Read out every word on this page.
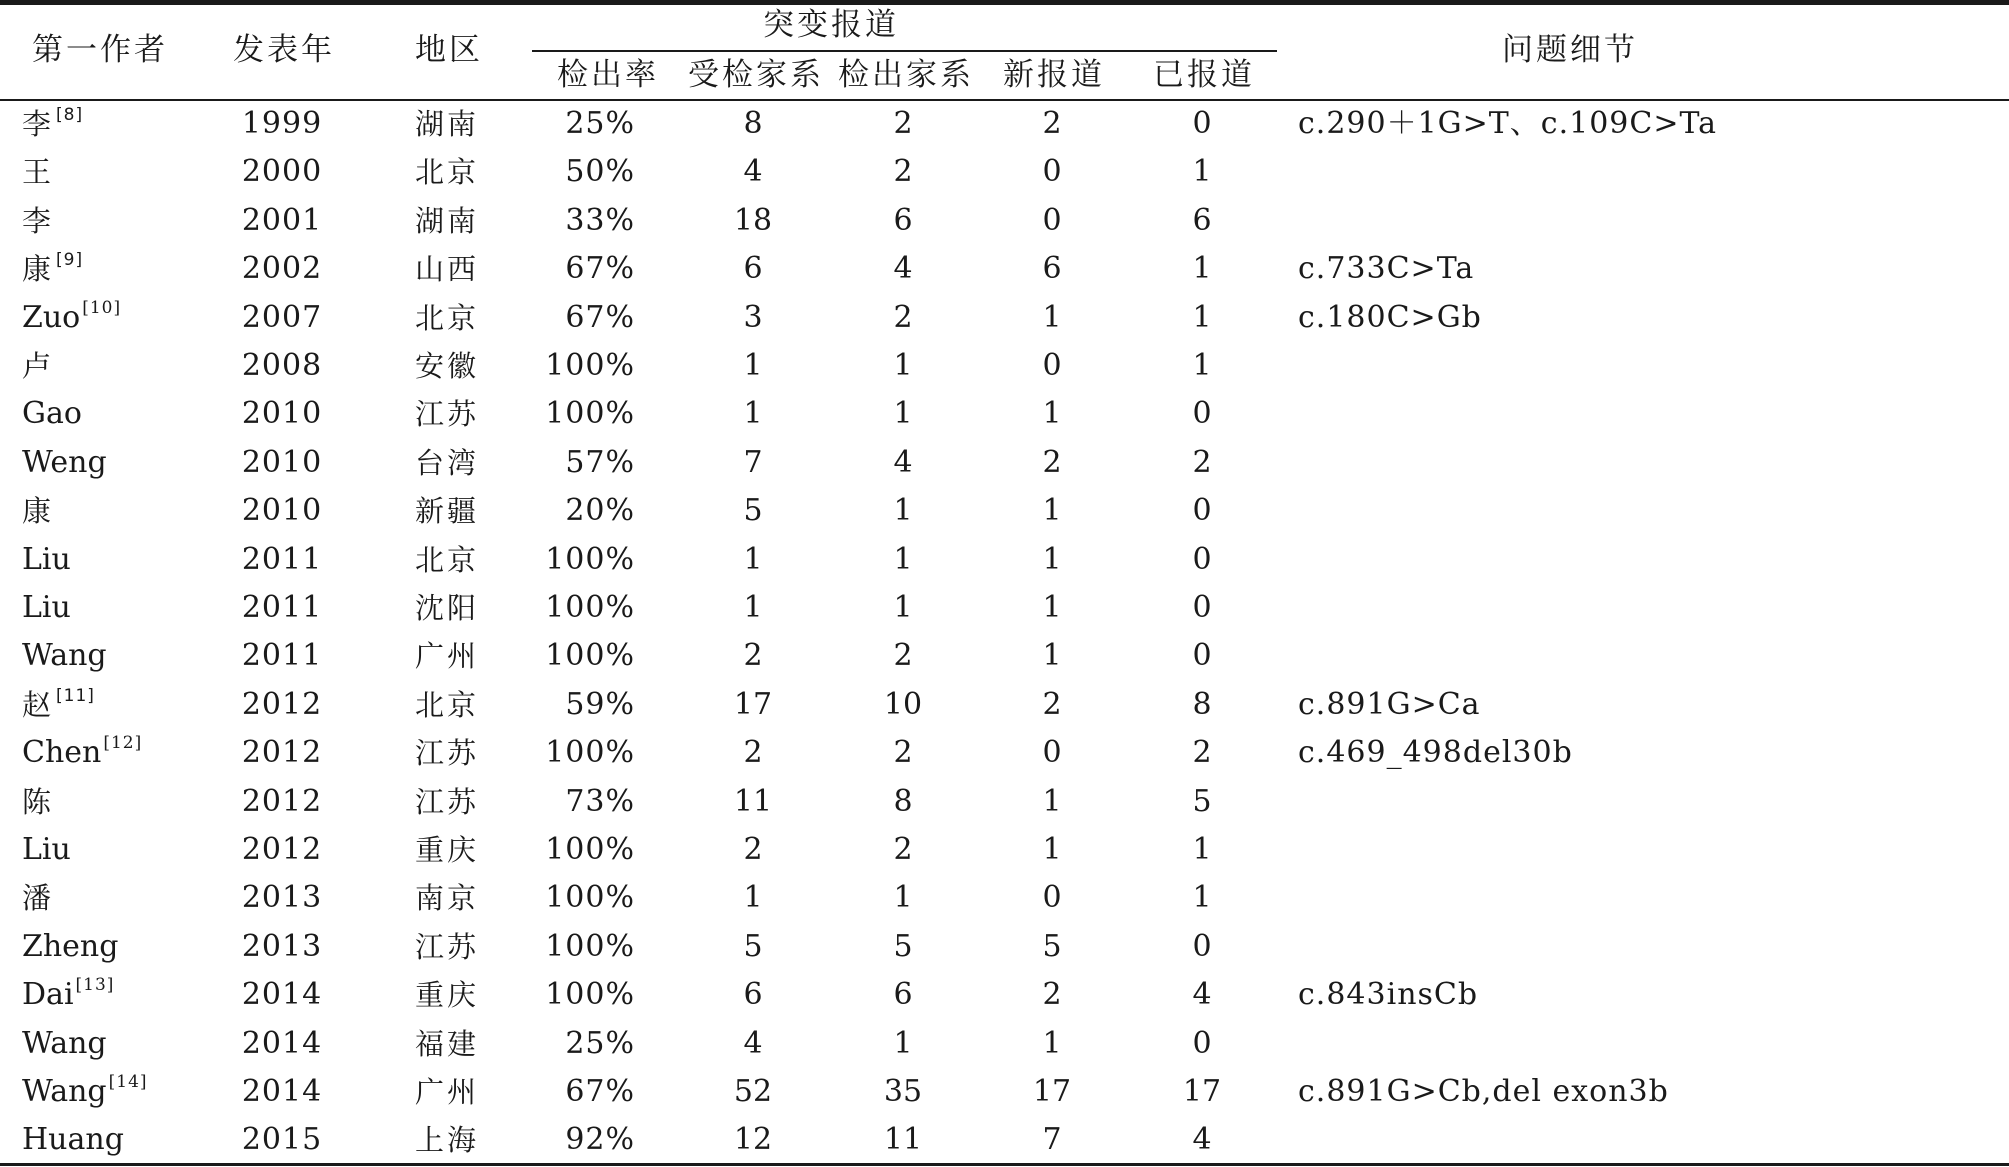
第一作者 发表年	地区
突变报道
检出率 受检家系 检出家系 新报道 已报道
问题细节
李 [8]	1999	湖南	25%	8	2	2	0	c.290＋1G>T、c.109C>Ta
王	2000	北京	50%	4	2	0	1
李	2001	湖南	33%	18	6	0	6
康 [9]	2002	山西	67%	6	4	6	1	c.733C>Ta
Zuo [10]	2007	北京	67%	3	2	1	1	c.180C>Gb
卢	2008	安徽 100%	1	1	0	1
Gao	2010	江苏 100%	1	1	1	0
Weng	2010	台湾	57%	7	4	2	2
康	2010	新疆	20%	5	1	1	0
Liu	2011	北京 100%	1	1	1	0
Liu	2011	沈阳 100%	1	1	1	0
Wang	2011	广州 100%	2	2	1	0
赵 [11]	2012	北京	59%	17	10	2	8	c.891G>Ca
Chen [12]	2012	江苏 100%	2	2	0	2	c.469_498del30b
陈	2012	江苏	73%	11	8	1	5
Liu	2012	重庆 100%	2	2	1	1
潘	2013	南京 100%	1	1	0	1
Zheng	2013	江苏 100%	5	5	5	0
Dai [13]	2014	重庆 100%	6	6	2	4	c.843insCb
Wang	2014	福建	25%	4	1	1	0
Wang [14]	2014	广州	67%	52	35	17	17	c.891G>Cb,del exon3b
Huang	2015	上海	92%	12	11	7	4
